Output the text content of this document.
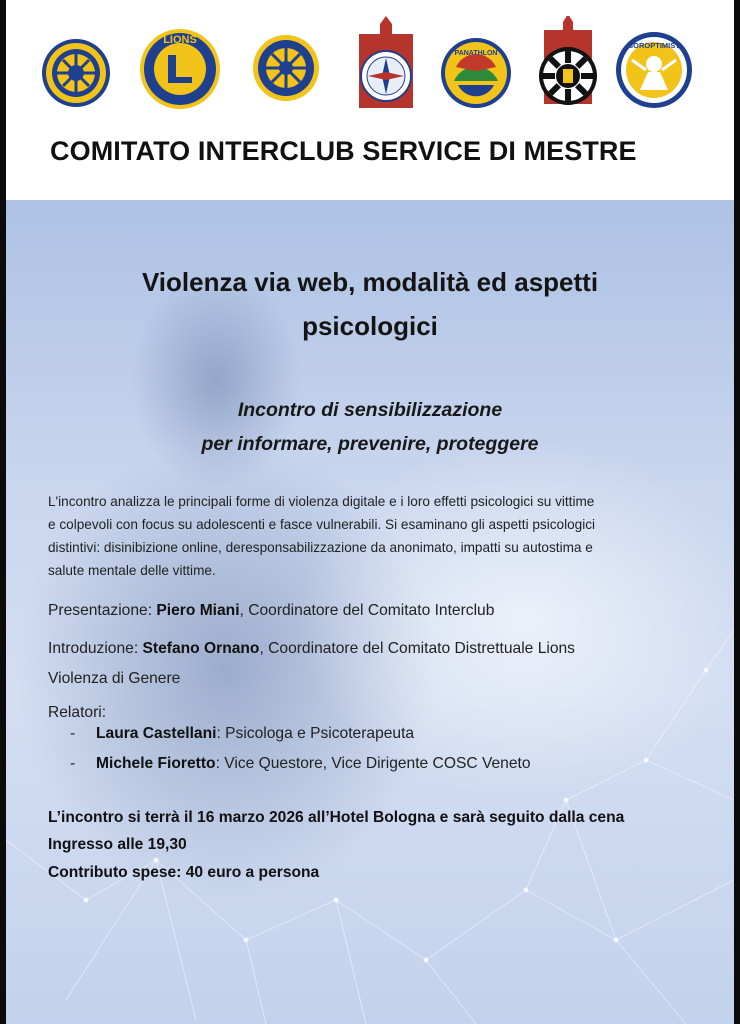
LIONS
PANATHLON
SOROPTIMIST
COMITATO INTERCLUB SERVICE DI MESTRE
Violenza via web, modalità ed aspetti
psicologici

Incontro di sensibilizzazione
per informare, prevenire, proteggere

L'incontro analizza le principali forme di violenza digitale e i loro effetti psicologici su vittime
e colpevoli con focus su adolescenti e fasce vulnerabili. Si esaminano gli aspetti psicologici
distintivi: disinibizione online, deresponsabilizzazione da anonimato, impatti su autostima e
salute mentale delle vittime.

Presentazione: Piero Miani, Coordinatore del Comitato Interclub

Introduzione: Stefano Ornano, Coordinatore del Comitato Distrettuale Lions
Violenza di Genere

Relatori:

- Laura Castellani: Psicologa e Psicoterapeuta
- Michele Fioretto: Vice Questore, Vice Dirigente COSC Veneto

L’incontro si terrà il 16 marzo 2026 all’Hotel Bologna e sarà seguito dalla cena

Ingresso alle 19,30

Contributo spese: 40 euro a persona
